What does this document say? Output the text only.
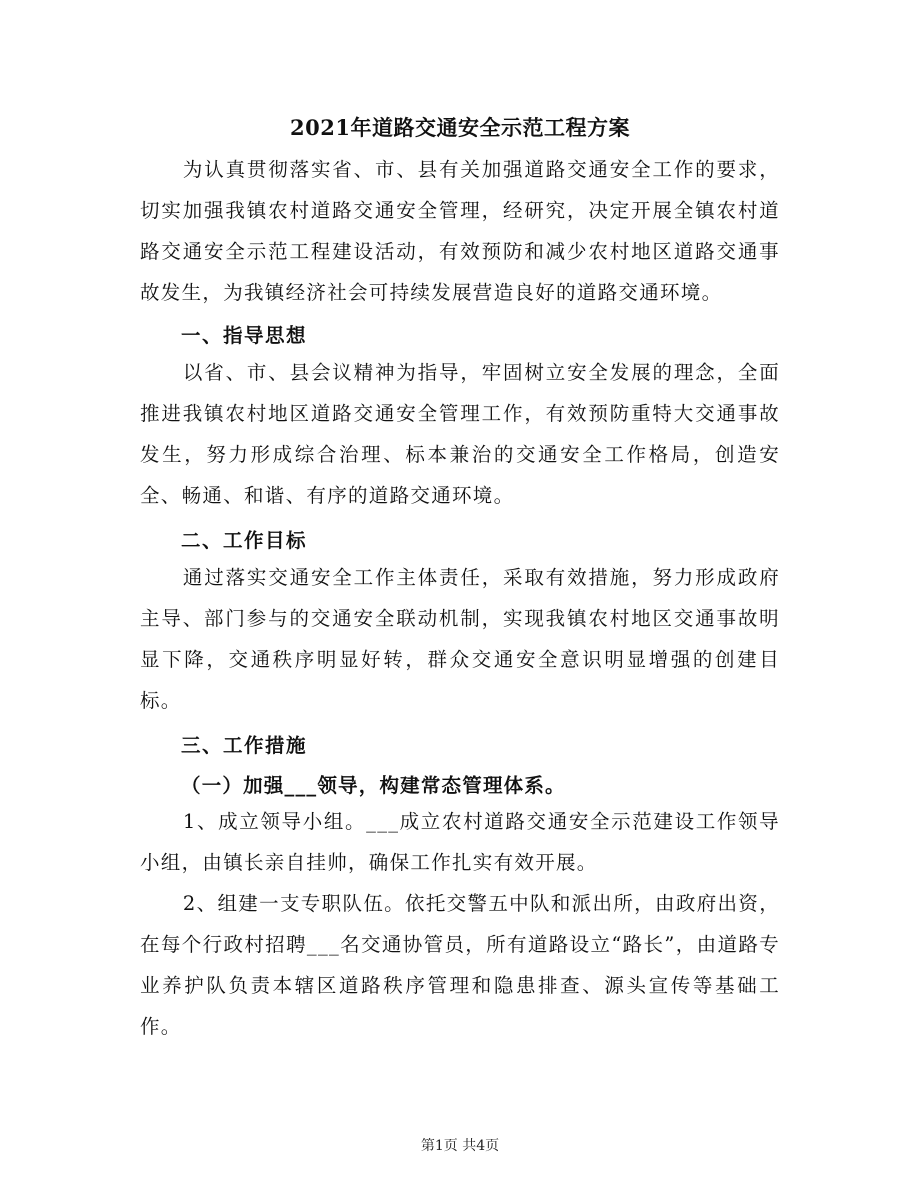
2021年道路交通安全示范工程方案

为认真贯彻落实省、市、县有关加强道路交通安全工作的要求，切实加强我镇农村道路交通安全管理，经研究，决定开展全镇农村道路交通安全示范工程建设活动，有效预防和减少农村地区道路交通事故发生，为我镇经济社会可持续发展营造良好的道路交通环境。

一、指导思想

以省、市、县会议精神为指导，牢固树立安全发展的理念，全面推进我镇农村地区道路交通安全管理工作，有效预防重特大交通事故发生，努力形成综合治理、标本兼治的交通安全工作格局，创造安全、畅通、和谐、有序的道路交通环境。

二、工作目标

通过落实交通安全工作主体责任，采取有效措施，努力形成政府主导、部门参与的交通安全联动机制，实现我镇农村地区交通事故明显下降，交通秩序明显好转，群众交通安全意识明显增强的创建目标。

三、工作措施

（一）加强___领导，构建常态管理体系。

1、成立领导小组。___成立农村道路交通安全示范建设工作领导小组，由镇长亲自挂帅，确保工作扎实有效开展。

2、组建一支专职队伍。依托交警五中队和派出所，由政府出资，在每个行政村招聘___名交通协管员，所有道路设立“路长”，由道路专业养护队负责本辖区道路秩序管理和隐患排查、源头宣传等基础工作。

第1页 共4页
